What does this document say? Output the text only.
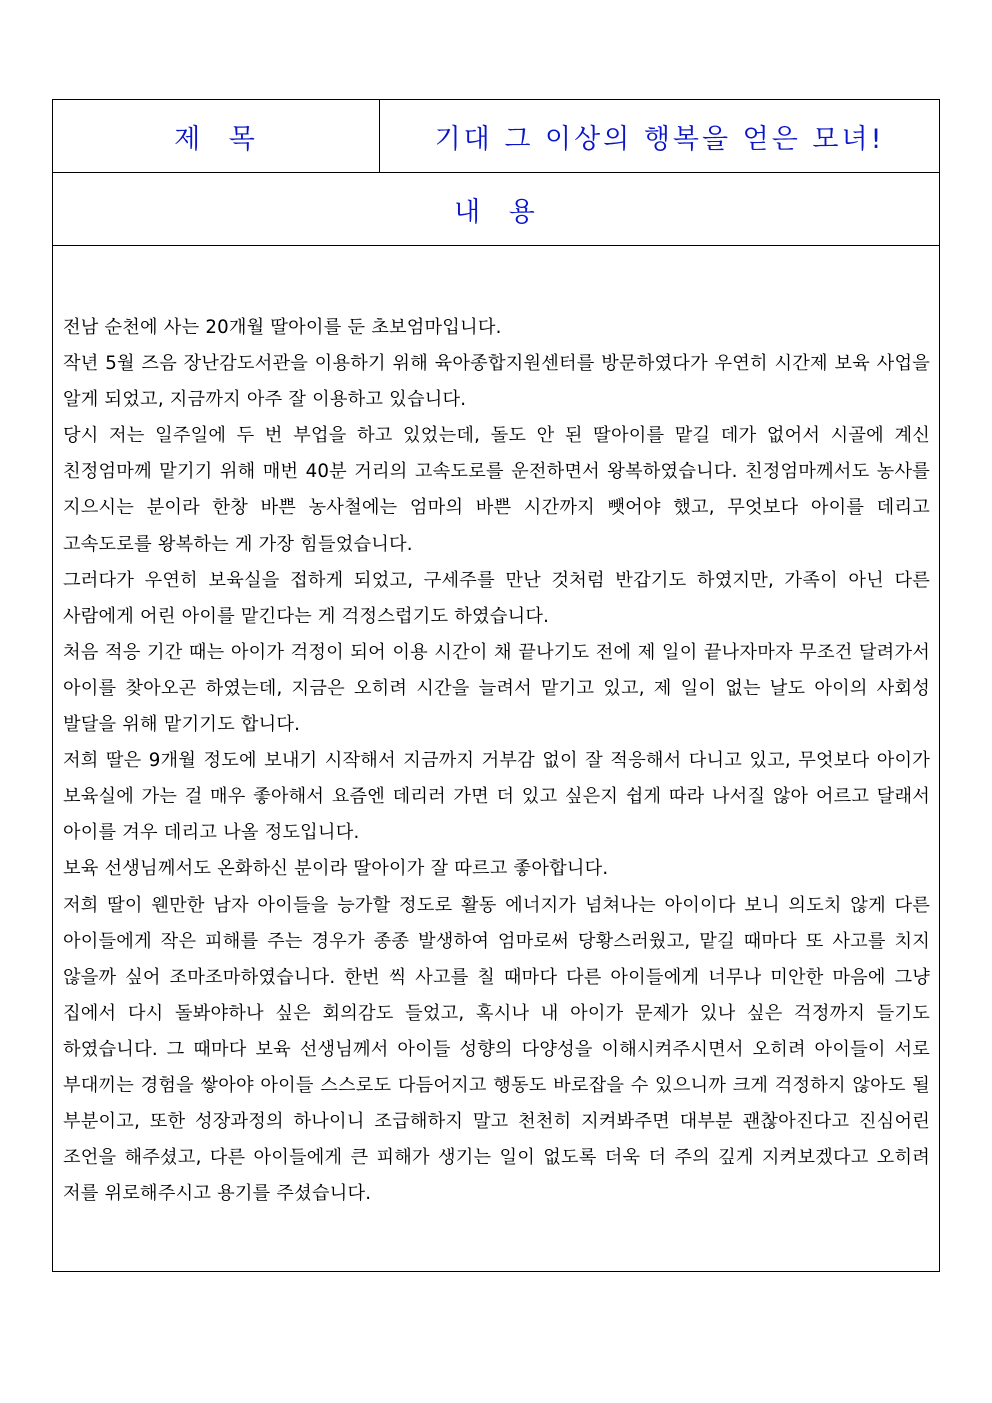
제 목	기대 그 이상의 행복을 얻은 모녀!
내 용

전남 순천에 사는 20개월 딸아이를 둔 초보엄마입니다.

작년 5월 즈음 장난감도서관을 이용하기 위해 육아종합지원센터를 방문하였다가 우연히 시간제 보육 사업을 알게 되었고, 지금까지 아주 잘 이용하고 있습니다.

당시 저는 일주일에 두 번 부업을 하고 있었는데, 돌도 안 된 딸아이를 맡길 데가 없어서 시골에 계신 친정엄마께 맡기기 위해 매번 40분 거리의 고속도로를 운전하면서 왕복하였습니다. 친정엄마께서도 농사를 지으시는 분이라 한창 바쁜 농사철에는 엄마의 바쁜 시간까지 뺏어야 했고, 무엇보다 아이를 데리고 고속도로를 왕복하는 게 가장 힘들었습니다.

그러다가 우연히 보육실을 접하게 되었고, 구세주를 만난 것처럼 반갑기도 하였지만, 가족이 아닌 다른 사람에게 어린 아이를 맡긴다는 게 걱정스럽기도 하였습니다.

처음 적응 기간 때는 아이가 걱정이 되어 이용 시간이 채 끝나기도 전에 제 일이 끝나자마자 무조건 달려가서 아이를 찾아오곤 하였는데, 지금은 오히려 시간을 늘려서 맡기고 있고, 제 일이 없는 날도 아이의 사회성 발달을 위해 맡기기도 합니다.

저희 딸은 9개월 정도에 보내기 시작해서 지금까지 거부감 없이 잘 적응해서 다니고 있고, 무엇보다 아이가 보육실에 가는 걸 매우 좋아해서 요즘엔 데리러 가면 더 있고 싶은지 쉽게 따라 나서질 않아 어르고 달래서 아이를 겨우 데리고 나올 정도입니다.

보육 선생님께서도 온화하신 분이라 딸아이가 잘 따르고 좋아합니다.

저희 딸이 웬만한 남자 아이들을 능가할 정도로 활동 에너지가 넘쳐나는 아이이다 보니 의도치 않게 다른 아이들에게 작은 피해를 주는 경우가 종종 발생하여 엄마로써 당황스러웠고, 맡길 때마다 또 사고를 치지 않을까 싶어 조마조마하였습니다. 한번 씩 사고를 칠 때마다 다른 아이들에게 너무나 미안한 마음에 그냥 집에서 다시 돌봐야하나 싶은 회의감도 들었고, 혹시나 내 아이가 문제가 있나 싶은 걱정까지 들기도 하였습니다. 그 때마다 보육 선생님께서 아이들 성향의 다양성을 이해시켜주시면서 오히려 아이들이 서로 부대끼는 경험을 쌓아야 아이들 스스로도 다듬어지고 행동도 바로잡을 수 있으니까 크게 걱정하지 않아도 될 부분이고, 또한 성장과정의 하나이니 조급해하지 말고 천천히 지켜봐주면 대부분 괜찮아진다고 진심어린 조언을 해주셨고, 다른 아이들에게 큰 피해가 생기는 일이 없도록 더욱 더 주의 깊게 지켜보겠다고 오히려 저를 위로해주시고 용기를 주셨습니다.
